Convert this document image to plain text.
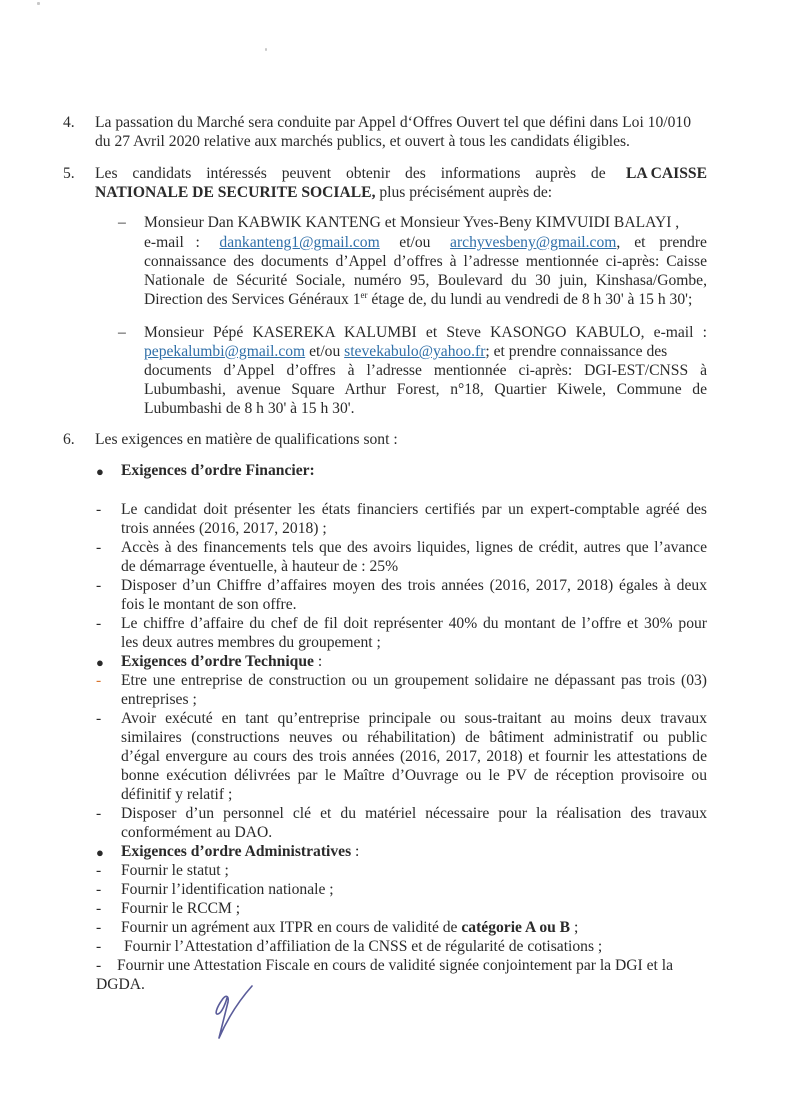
4. La passation du Marché sera conduite par Appel d‘Offres Ouvert tel que défini dans Loi 10/010
du 27 Avril 2020 relative aux marchés publics, et ouvert à tous les candidats éligibles.
5. Les candidats intéressés peuvent obtenir des informations auprès de LA CAISSE
NATIONALE DE SECURITE SOCIALE, plus précisément auprès de:
– Monsieur Dan KABWIK KANTENG et Monsieur Yves-Beny KIMVUIDI BALAYI ,
e-mail   : dankanteng1@gmail.com et/ou archyvesbeny@gmail.com, et prendre
connaissance des documents d’Appel d’offres à l’adresse mentionnée ci-après: Caisse
Nationale de Sécurité Sociale, numéro 95, Boulevard du 30 juin, Kinshasa/Gombe,
Direction des Services Généraux 1er étage de, du lundi au vendredi de 8 h 30' à 15 h 30';
– Monsieur Pépé KASEREKA KALUMBI et Steve KASONGO KABULO, e-mail :
pepekalumbi@gmail.com et/ou stevekabulo@yahoo.fr ; et prendre connaissance des
documents d’Appel d’offres à l’adresse mentionnée ci-après: DGI-EST/CNSS à
Lubumbashi, avenue Square Arthur Forest, n°18, Quartier Kiwele, Commune de
Lubumbashi de 8 h 30' à 15 h 30'.
6. Les exigences en matière de qualifications sont :
● Exigences d’ordre Financier:
- Le candidat doit présenter les états financiers certifiés par un expert-comptable agréé des
trois années (2016, 2017, 2018) ;
- Accès à des financements tels que des avoirs liquides, lignes de crédit, autres que l’avance
de démarrage éventuelle, à hauteur de : 25%
- Disposer d’un Chiffre d’affaires moyen des trois années (2016, 2017, 2018) égales à deux
fois le montant de son offre.
- Le chiffre d’affaire du chef de fil doit représenter 40% du montant de l’offre et 30% pour
les deux autres membres du groupement ;
● Exigences d’ordre Technique :
- Etre une entreprise de construction ou un groupement solidaire ne dépassant pas trois (03)
entreprises ;
- Avoir exécuté en tant qu’entreprise principale ou sous-traitant au moins deux travaux
similaires (constructions neuves ou réhabilitation) de bâtiment administratif ou public
d’égal envergure au cours des trois années (2016, 2017, 2018) et fournir les attestations de
bonne exécution délivrées par le Maître d’Ouvrage ou le PV de réception provisoire ou
définitif y relatif ;
- Disposer d’un personnel clé et du matériel nécessaire pour la réalisation des travaux
conformément au DAO.
● Exigences d’ordre Administratives :
- Fournir le statut ;
- Fournir l’identification nationale ;
- Fournir le RCCM ;
- Fournir un agrément aux ITPR en cours de validité de catégorie A ou B ;
- Fournir l’Attestation d’affiliation de la CNSS et de régularité de cotisations ;
- Fournir une Attestation Fiscale en cours de validité signée conjointement par la DGI et la
DGDA.
